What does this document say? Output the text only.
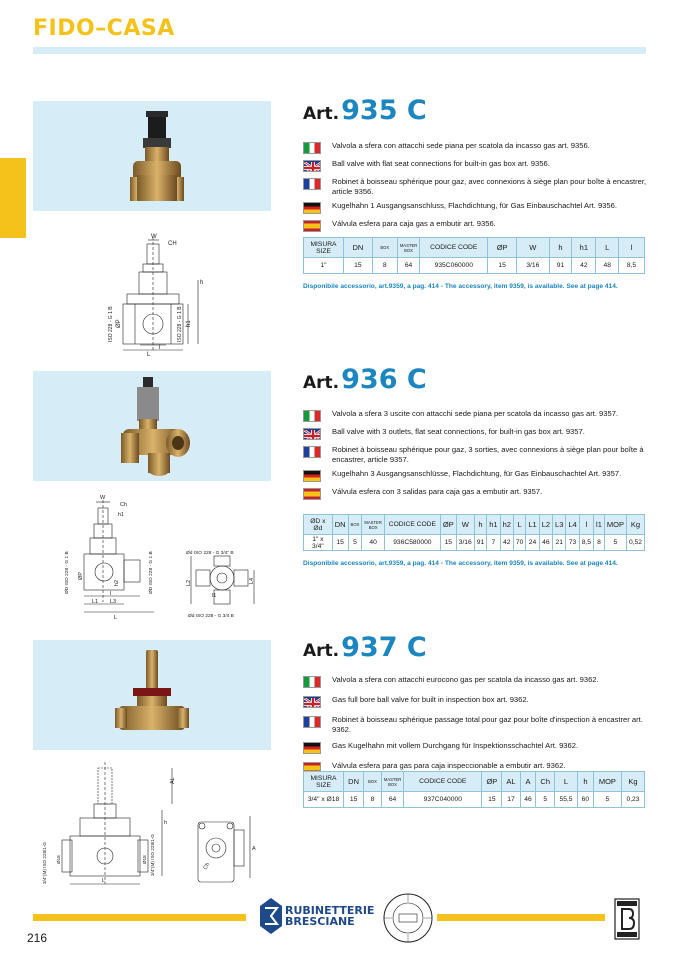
FIDO–CASA
Art.935 C
Valvola a sfera con attacchi sede piana per scatola da incasso gas art. 9356.
Ball valve with flat seat connections for built-in gas box art. 9356.
Robinet à boisseau sphérique pour gaz, avec connexions à siège plan pour boîte à encastrer, article 9356.
Kugelhahn 1 Ausgangsanschluss, Flachdichtung, für Gas Einbauschachtel Art. 9356.
Válvula esfera para caja gas a embutir art. 9356.
W
CH
h
h1
l
L
ØP
ISO 228 - G 1 B	ISO 228 - G 1 B
MISURA SIZE	DN	BOX	MASTER BOX	CODICE CODE	ØP	W	h	h1	L	l
1"	15	8	64	935C060000	15	3/16	91	42	48	8,5
Disponibile accessorio, art.9359, a pag. 414 - The accessory, item 9359, is available. See at page 414.
Art.936 C
Valvola a sfera 3 uscite con attacchi sede piana per scatola da incasso gas art. 9357.
Ball valve with 3 outlets, flat seat connections, for built-in gas box art. 9357.
Robinet à boisseau sphérique pour gaz, 3 sorties, avec connexions à siège plan pour boîte à encastrer, article 9357.
Kugelhahn 3 Ausgangsanschlüsse, Flachdichtung, für Gas Einbauschachtel Art. 9357.
Válvula esfera con 3 salidas para caja gas a embutir art. 9357.
W
Ch
h1
h2
l
L1 L3
L
L2	L4
l1
ØP
ØD ISO 228 - G 1 B	ØD ISO 228 - G 1 B	Ød ISO 228 - G 3/4" B
Ød ISO 228 - G 3/4 B
ØD x Ød	DN	BOX	MASTER BOX	CODICE CODE	ØP	W	h	h1	h2	L	L1	L2	L3	L4	l	l1	MOP	Kg
1" x 3/4"	15	5	40	936C580000	15	3/16	91	7	42	70	24	46	21	73	8,5	8	5	0,52
Disponibile accessorio, art.9359, a pag. 414 - The accessory, item 9359, is available. See at page 414.
Art.937 C
Valvola a sfera con attacchi eurocono gas per scatola da incasso gas art. 9362.
Gas full bore ball valve for built in inspection box art. 9362.
Robinet à boisseau sphérique passage total pour gaz pour boîte d'inspection à encastrer art. 9362.
Gas Kugelhahn mit vollem Durchgang für Inspektionsschachtel Art. 9362.
Válvula esfera para gas para caja inspeccionable a embutir art. 9362.
AL
h
A
Ch
L
3/4"(M) ISO 228/1-G	3/4"(M) ISO 228/1-G
Ø18	Ø18
MISURA SIZE	DN	BOX	MASTER BOX	CODICE CODE	ØP	AL	A	Ch	L	h	MOP	Kg
3/4" x Ø18	15	8	64	937C040000	15	17	46	5	55,5	60	5	0,23
216
RUBINETTERIE
BRESCIANE
